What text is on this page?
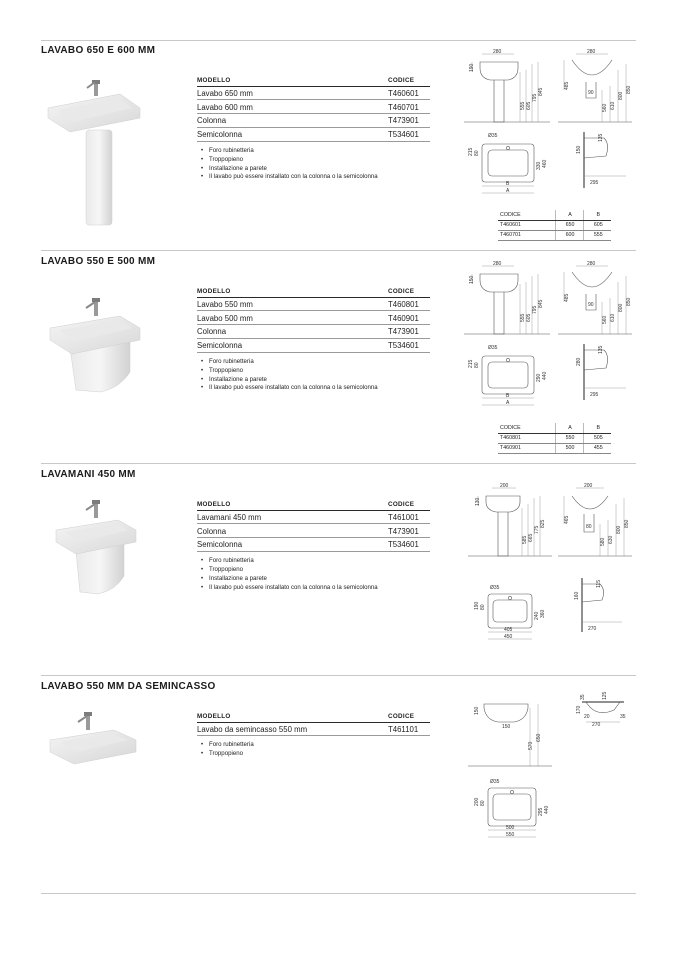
LAVABO 650 E 600 MM
MODELLO	CODICE
Lavabo 650 mm	T460601
Lavabo 600 mm	T460701
Colonna	T473901
Semicolonna	T534601
• Foro rubinetteria
• Troppopieno
• Installazione a parete
• Il lavabo può essere installato con la colonna o la semicolonna
280
190
555 605
795
845
280
90
485
560 610
800
850
Ø35
215 80
330 460
B
A
135
150
295
CODICE	A	B
T460601	650	605
T460701	600	555
LAVABO 550 E 500 MM
MODELLO	CODICE
Lavabo 550 mm	T460801
Lavabo 500 mm	T460901
Colonna	T473901
Semicolonna	T534601
• Foro rubinetteria
• Troppopieno
• Installazione a parete
• Il lavabo può essere installato con la colonna o la semicolonna
280
150
555 605
795
845
280
90
485
560 610
800
850
Ø35
215 80
290 440
B
A
135
280
295
CODICE	A	B
T460801	550	505
T460901	500	455
LAVAMANI 450 MM
MODELLO	CODICE
Lavamani 450 mm	T461001
Colonna	T473901
Semicolonna	T534601
• Foro rubinetteria
• Troppopieno
• Installazione a parete
• Il lavabo può essere installato con la colonna o la semicolonna
200
130
585 665
775
825
200
80
465
580 630
800
850
Ø35
190 80
240 360
405
450
115
160
270
LAVABO 550 MM DA SEMINCASSO
MODELLO	CODICE
Lavabo da semincasso 550 mm	T461101
• Foro rubinetteria
• Troppopieno
150
150
570
650
35	125
170
270
20	35
Ø35
200 80
295 440
500
550
